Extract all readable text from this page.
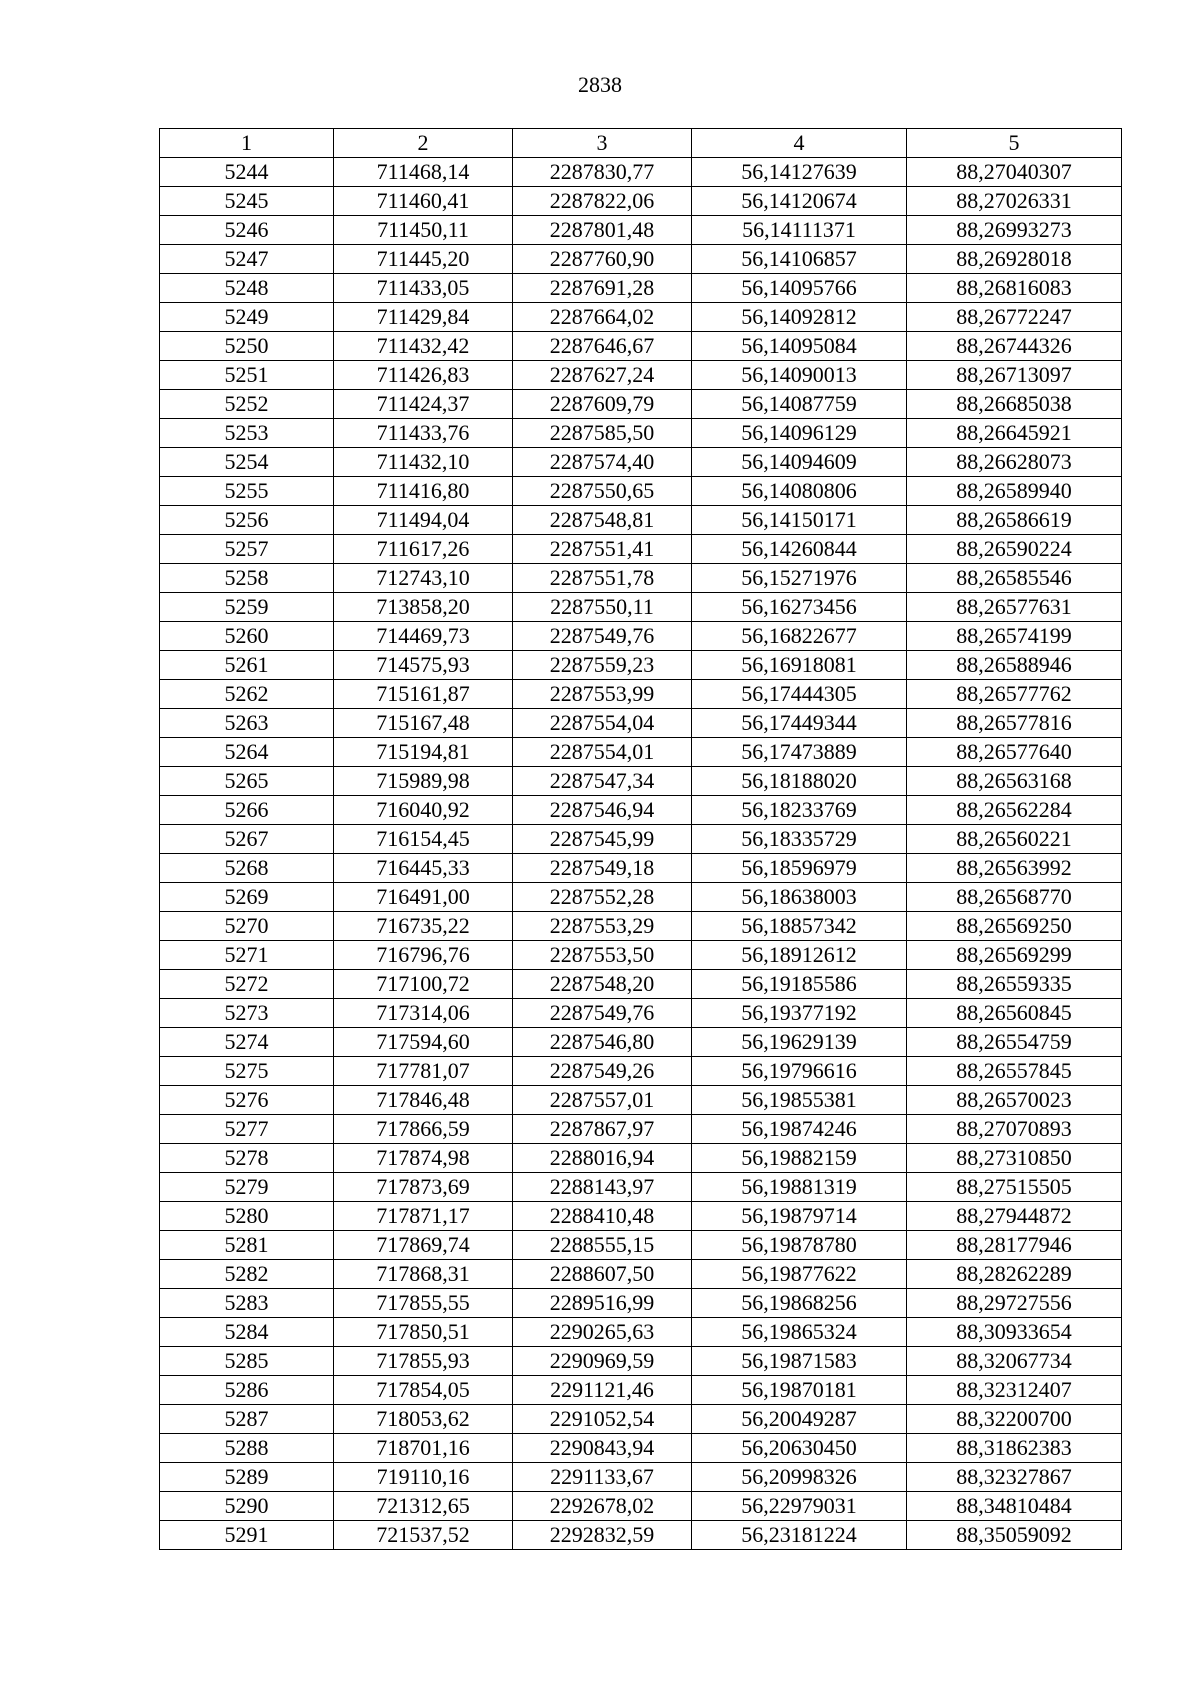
2838
1	2	3	4	5
5244	711468,14	2287830,77	56,14127639	88,27040307
5245	711460,41	2287822,06	56,14120674	88,27026331
5246	711450,11	2287801,48	56,14111371	88,26993273
5247	711445,20	2287760,90	56,14106857	88,26928018
5248	711433,05	2287691,28	56,14095766	88,26816083
5249	711429,84	2287664,02	56,14092812	88,26772247
5250	711432,42	2287646,67	56,14095084	88,26744326
5251	711426,83	2287627,24	56,14090013	88,26713097
5252	711424,37	2287609,79	56,14087759	88,26685038
5253	711433,76	2287585,50	56,14096129	88,26645921
5254	711432,10	2287574,40	56,14094609	88,26628073
5255	711416,80	2287550,65	56,14080806	88,26589940
5256	711494,04	2287548,81	56,14150171	88,26586619
5257	711617,26	2287551,41	56,14260844	88,26590224
5258	712743,10	2287551,78	56,15271976	88,26585546
5259	713858,20	2287550,11	56,16273456	88,26577631
5260	714469,73	2287549,76	56,16822677	88,26574199
5261	714575,93	2287559,23	56,16918081	88,26588946
5262	715161,87	2287553,99	56,17444305	88,26577762
5263	715167,48	2287554,04	56,17449344	88,26577816
5264	715194,81	2287554,01	56,17473889	88,26577640
5265	715989,98	2287547,34	56,18188020	88,26563168
5266	716040,92	2287546,94	56,18233769	88,26562284
5267	716154,45	2287545,99	56,18335729	88,26560221
5268	716445,33	2287549,18	56,18596979	88,26563992
5269	716491,00	2287552,28	56,18638003	88,26568770
5270	716735,22	2287553,29	56,18857342	88,26569250
5271	716796,76	2287553,50	56,18912612	88,26569299
5272	717100,72	2287548,20	56,19185586	88,26559335
5273	717314,06	2287549,76	56,19377192	88,26560845
5274	717594,60	2287546,80	56,19629139	88,26554759
5275	717781,07	2287549,26	56,19796616	88,26557845
5276	717846,48	2287557,01	56,19855381	88,26570023
5277	717866,59	2287867,97	56,19874246	88,27070893
5278	717874,98	2288016,94	56,19882159	88,27310850
5279	717873,69	2288143,97	56,19881319	88,27515505
5280	717871,17	2288410,48	56,19879714	88,27944872
5281	717869,74	2288555,15	56,19878780	88,28177946
5282	717868,31	2288607,50	56,19877622	88,28262289
5283	717855,55	2289516,99	56,19868256	88,29727556
5284	717850,51	2290265,63	56,19865324	88,30933654
5285	717855,93	2290969,59	56,19871583	88,32067734
5286	717854,05	2291121,46	56,19870181	88,32312407
5287	718053,62	2291052,54	56,20049287	88,32200700
5288	718701,16	2290843,94	56,20630450	88,31862383
5289	719110,16	2291133,67	56,20998326	88,32327867
5290	721312,65	2292678,02	56,22979031	88,34810484
5291	721537,52	2292832,59	56,23181224	88,35059092
